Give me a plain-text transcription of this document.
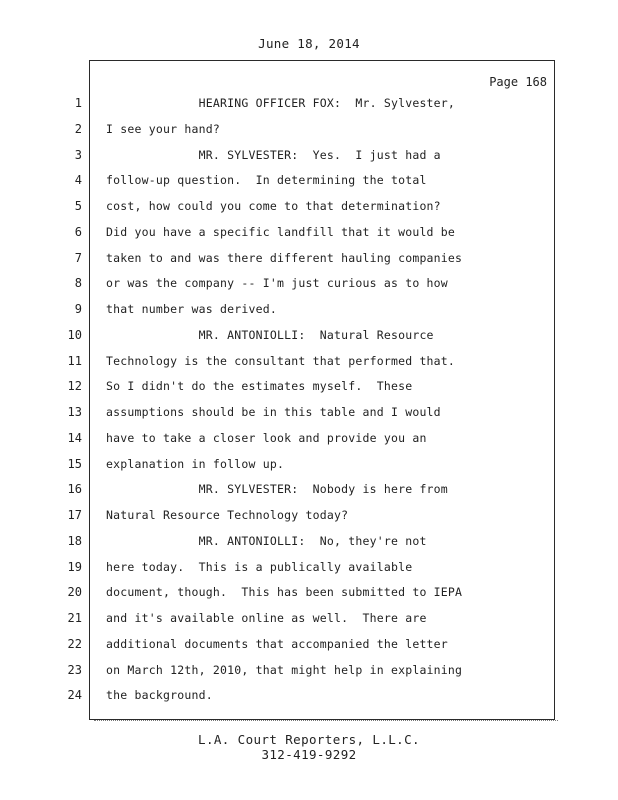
June 18, 2014
Page 168
1 HEARING OFFICER FOX:  Mr. Sylvester,
2 I see your hand?
3 MR. SYLVESTER:  Yes.  I just had a
4 follow-up question.  In determining the total
5 cost, how could you come to that determination?
6 Did you have a specific landfill that it would be
7 taken to and was there different hauling companies
8 or was the company -- I'm just curious as to how
9 that number was derived.
10 MR. ANTONIOLLI:  Natural Resource
11 Technology is the consultant that performed that.
12 So I didn't do the estimates myself.  These
13 assumptions should be in this table and I would
14 have to take a closer look and provide you an
15 explanation in follow up.
16 MR. SYLVESTER:  Nobody is here from
17 Natural Resource Technology today?
18 MR. ANTONIOLLI:  No, they're not
19 here today.  This is a publically available
20 document, though.  This has been submitted to IEPA
21 and it's available online as well.  There are
22 additional documents that accompanied the letter
23 on March 12th, 2010, that might help in explaining
24 the background.
L.A. Court Reporters, L.L.C.
312-419-9292
